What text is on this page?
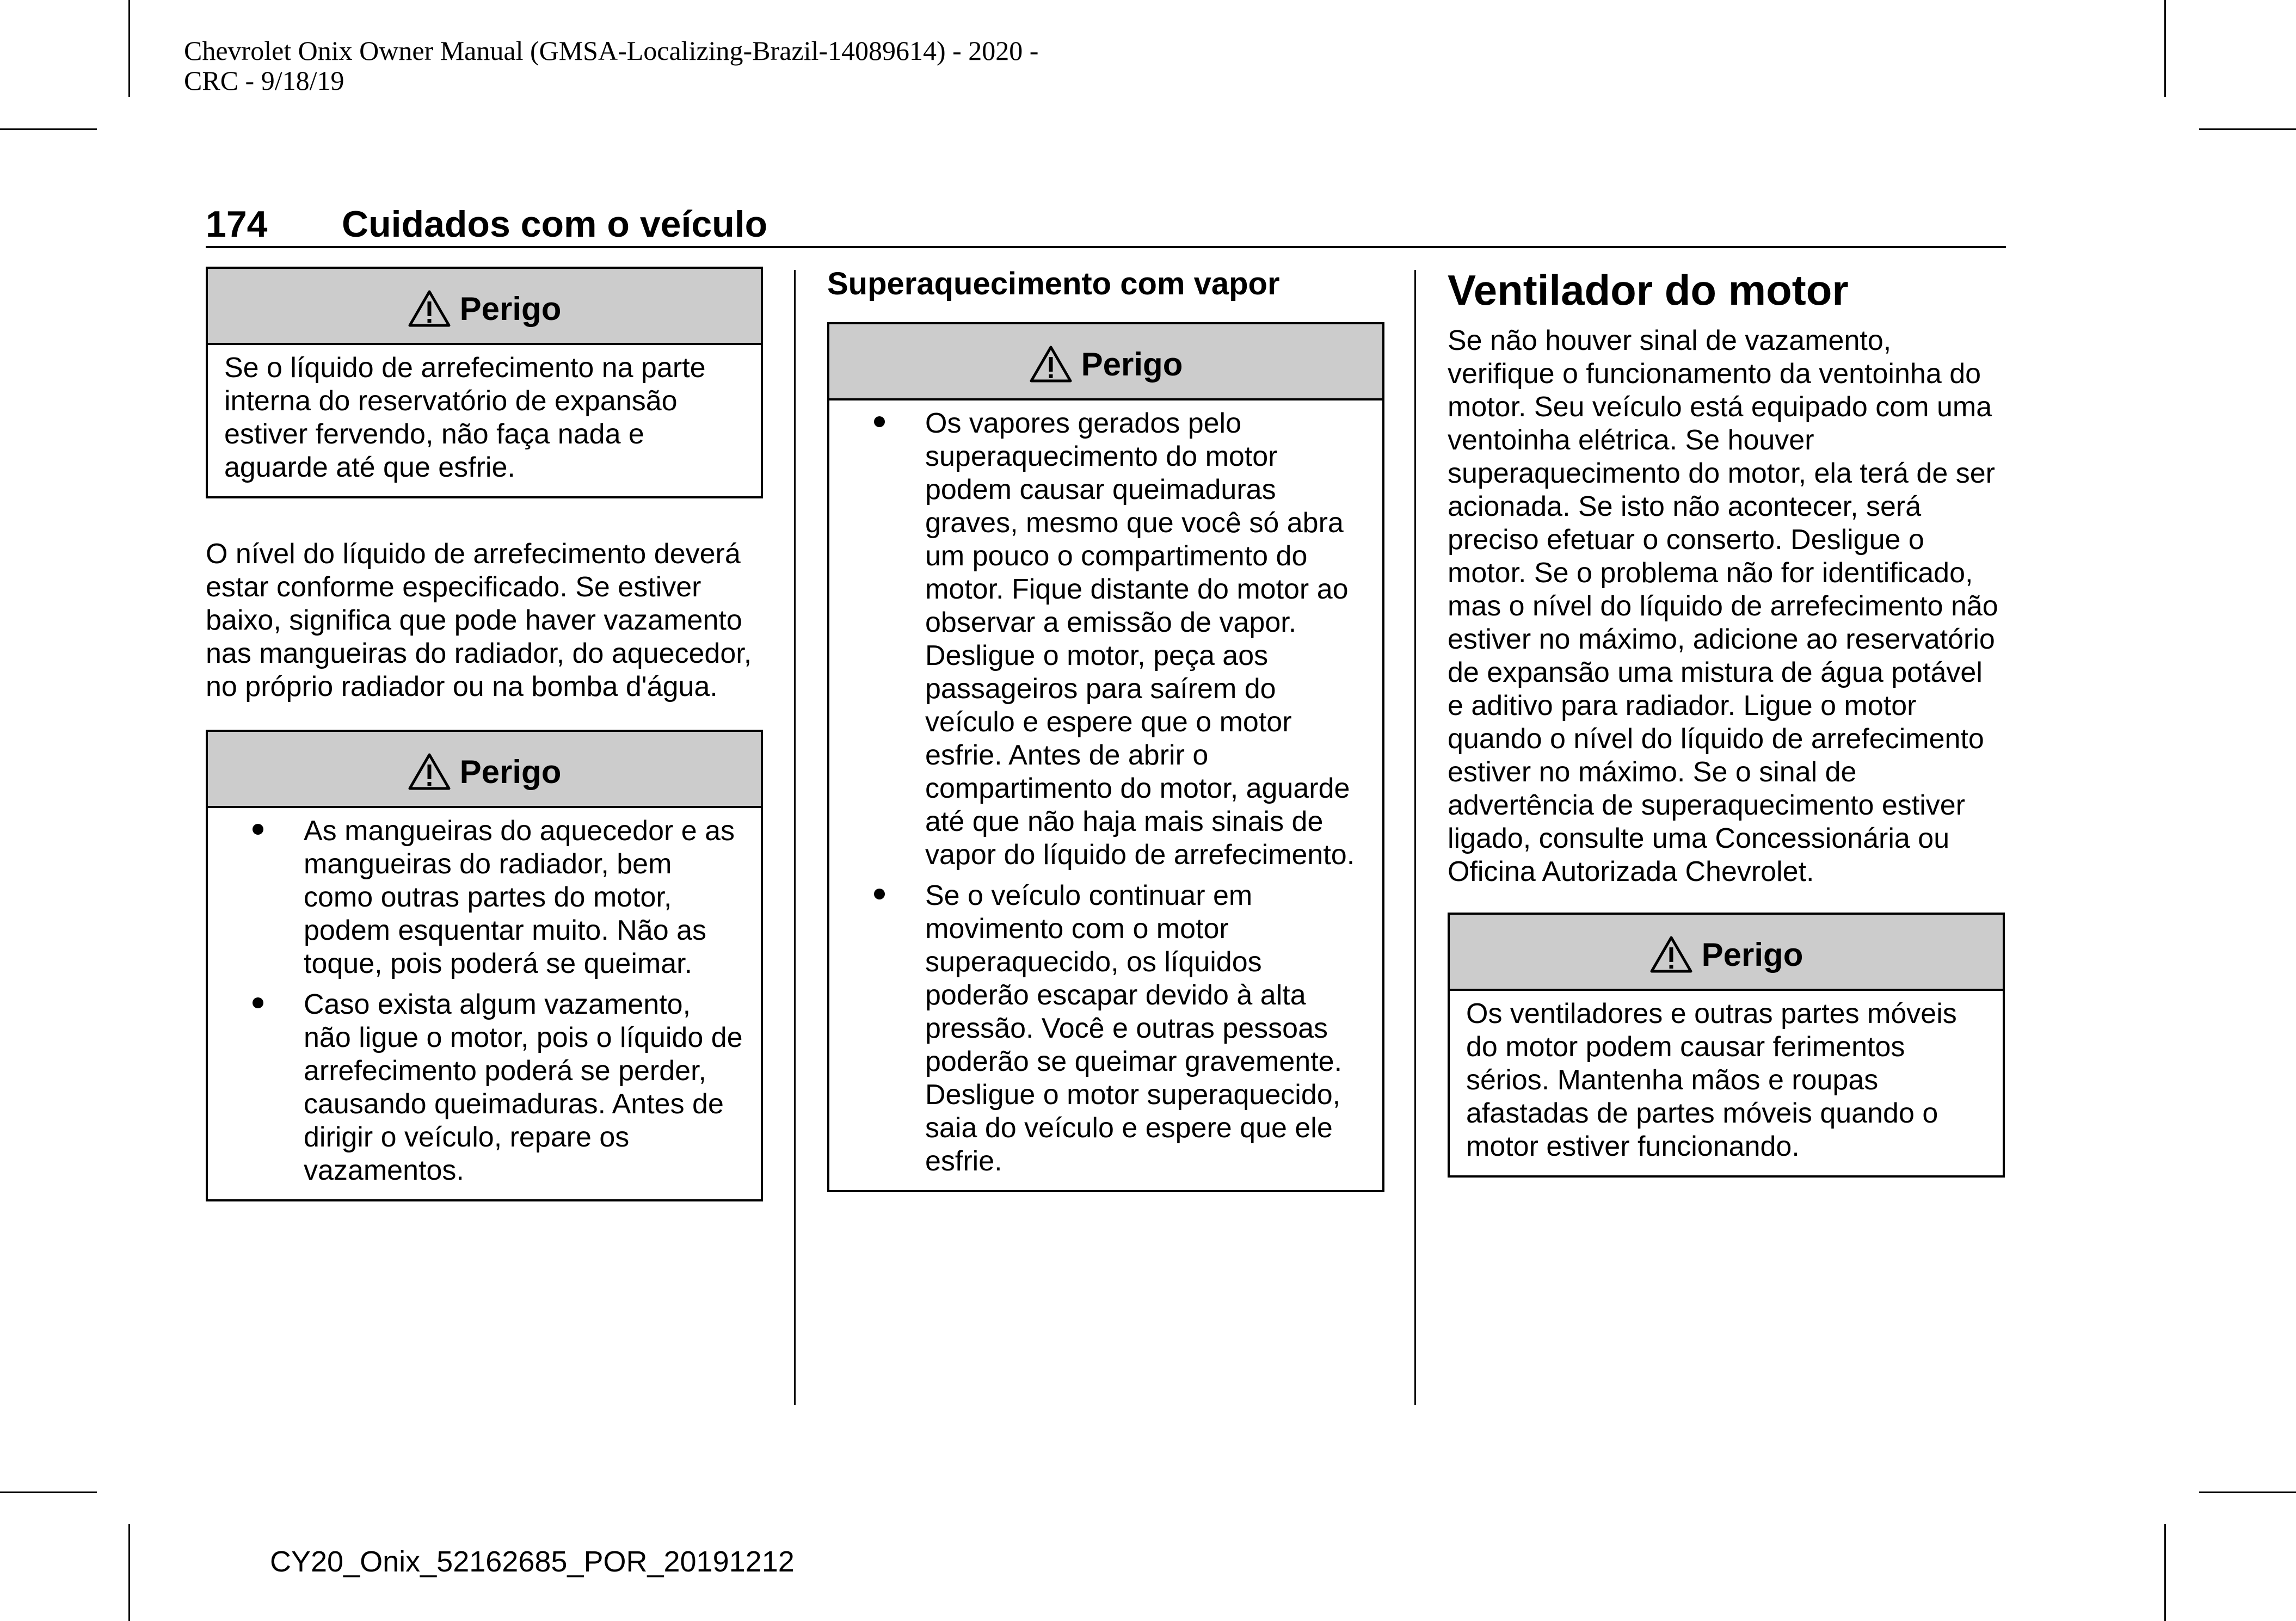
Chevrolet Onix Owner Manual (GMSA-Localizing-Brazil-14089614) - 2020 -
CRC - 9/18/19
174 Cuidados com o veículo
Perigo

Se o líquido de arrefecimento na parte interna do reservatório de expansão estiver fervendo, não faça nada e aguarde até que esfrie.

O nível do líquido de arrefecimento deverá estar conforme especificado. Se estiver baixo, significa que pode haver vazamento nas mangueiras do radiador, do aquecedor, no próprio radiador ou na bomba d'água.

Perigo
As mangueiras do aquecedor e as mangueiras do radiador, bem como outras partes do motor, podem esquentar muito. Não as toque, pois poderá se queimar.
Caso exista algum vazamento, não ligue o motor, pois o líquido de arrefecimento poderá se perder, causando queimaduras. Antes de dirigir o veículo, repare os vazamentos.
Superaquecimento com vapor
Perigo
Os vapores gerados pelo superaquecimento do motor podem causar queimaduras graves, mesmo que você só abra um pouco o compartimento do motor. Fique distante do motor ao observar a emissão de vapor. Desligue o motor, peça aos passageiros para saírem do veículo e espere que o motor esfrie. Antes de abrir o compartimento do motor, aguarde até que não haja mais sinais de vapor do líquido de arrefecimento.
Se o veículo continuar em movimento com o motor superaquecido, os líquidos poderão escapar devido à alta pressão. Você e outras pessoas poderão se queimar gravemente. Desligue o motor superaquecido, saia do veículo e espere que ele esfrie.
Ventilador do motor

Se não houver sinal de vazamento, verifique o funcionamento da ventoinha do motor. Seu veículo está equipado com uma ventoinha elétrica. Se houver superaquecimento do motor, ela terá de ser acionada. Se isto não acontecer, será preciso efetuar o conserto. Desligue o motor. Se o problema não for identificado, mas o nível do líquido de arrefecimento não estiver no máximo, adicione ao reservatório de expansão uma mistura de água potável e aditivo para radiador. Ligue o motor quando o nível do líquido de arrefecimento estiver no máximo. Se o sinal de advertência de superaquecimento estiver ligado, consulte uma Concessionária ou Oficina Autorizada Chevrolet.

Perigo

Os ventiladores e outras partes móveis do motor podem causar ferimentos sérios. Mantenha mãos e roupas afastadas de partes móveis quando o motor estiver funcionando.

CY20_Onix_52162685_POR_20191212
